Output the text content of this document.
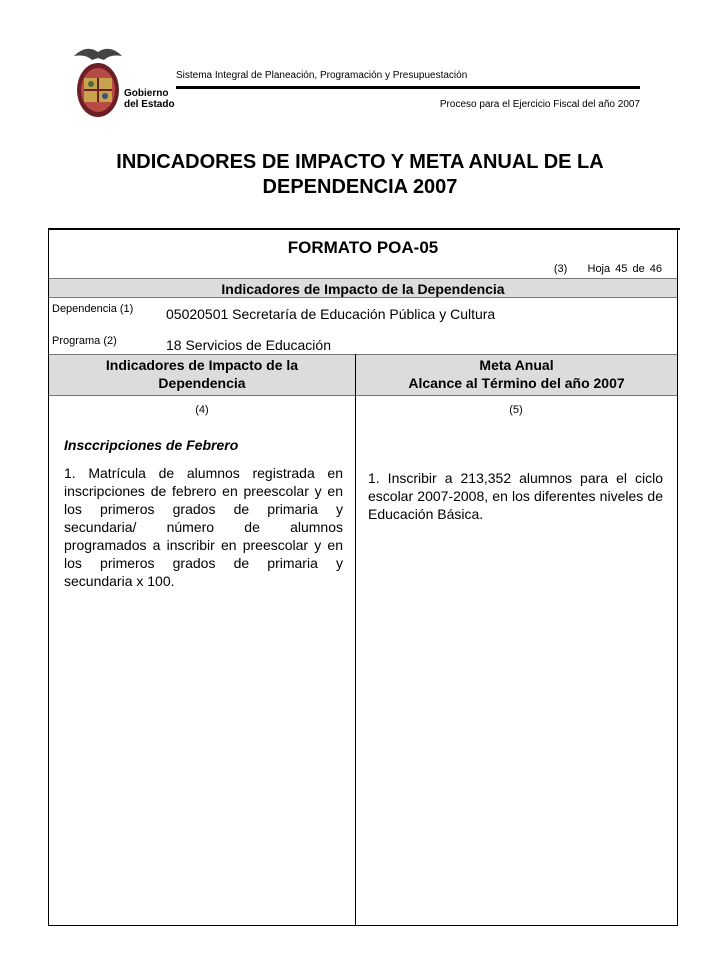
Gobierno
del Estado
Sistema Integral de Planeación, Programación y Presupuestación
Proceso para el Ejercicio Fiscal del año 2007
INDICADORES DE IMPACTO Y META ANUAL DE LA
DEPENDENCIA 2007
FORMATO POA-05
(3) Hoja 45 de 46
Indicadores de Impacto de la Dependencia
Dependencia (1) 05020501 Secretaría de Educación Pública y Cultura
Programa (2)	18 Servicios de Educación
Indicadores de Impacto de la
Dependencia
Meta Anual
Alcance al Término del año 2007
(4)	(5)
Insccripciones de Febrero
1. Matrícula de alumnos registrada en inscripciones de febrero en preescolar y en los primeros grados de primaria y secundaria/ número de alumnos programados a inscribir en preescolar y en los primeros grados de primaria y secundaria x 100.
1. Inscribir a 213,352 alumnos para el ciclo escolar 2007-2008, en los diferentes niveles de Educación Básica.
